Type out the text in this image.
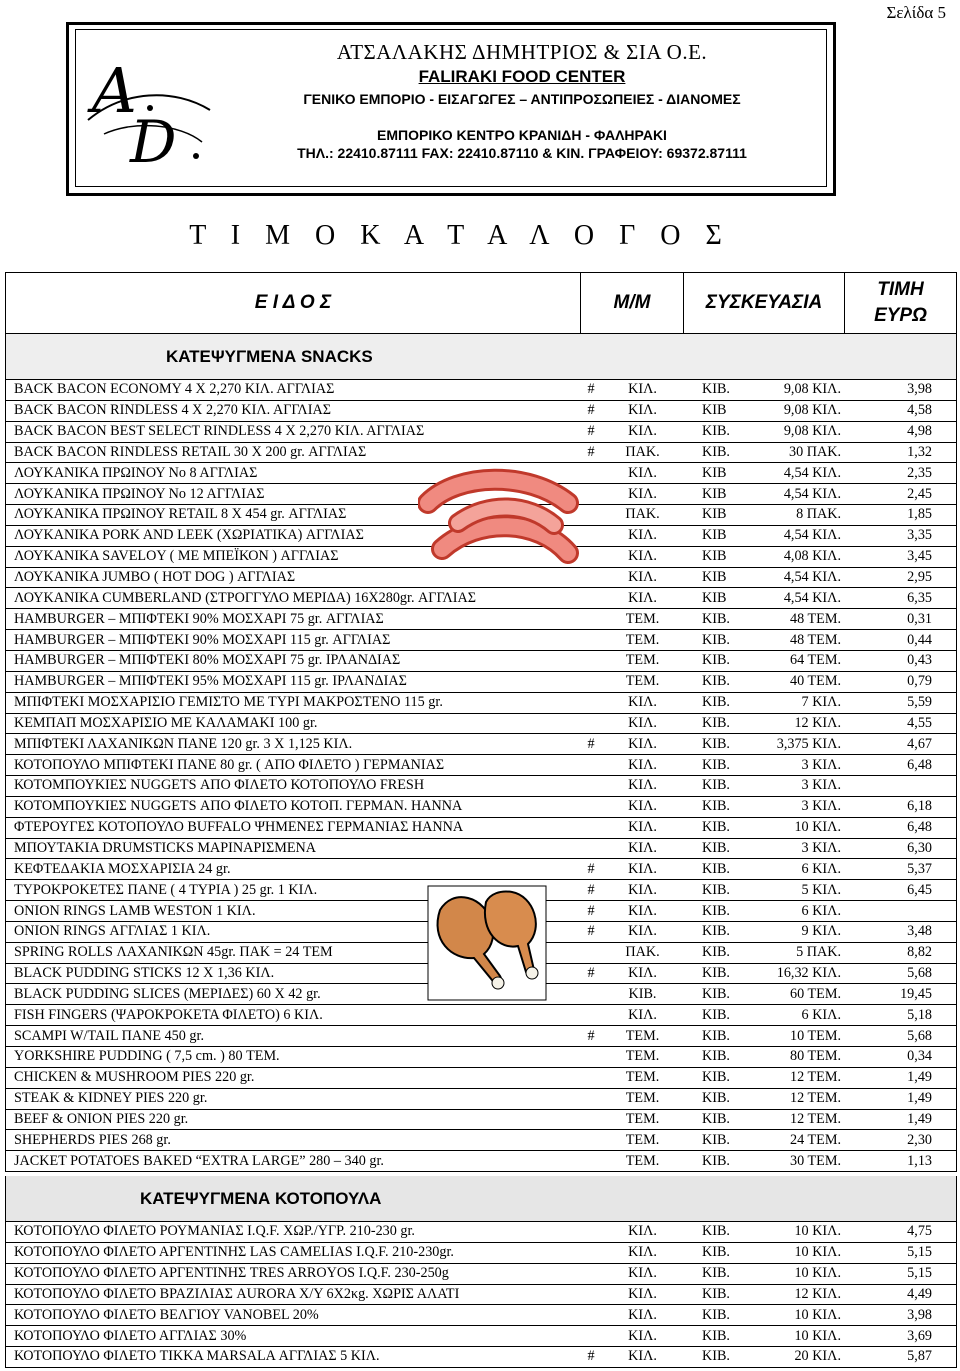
Σελίδα 5
A
D
ΑΤΣΑΛΑΚΗΣ ΔΗΜΗΤΡΙΟΣ & ΣΙΑ Ο.Ε.
FALIRAKI FOOD CENTER
ΓΕΝΙΚΟ ΕΜΠΟΡΙΟ - ΕΙΣΑΓΩΓΕΣ – ΑΝΤΙΠΡΟΣΩΠΕΙΕΣ - ΔΙΑΝΟΜΕΣ
ΕΜΠΟΡΙΚΟ ΚΕΝΤΡΟ ΚΡΑΝΙΔΗ - ΦΑΛΗΡΑΚΙ
ΤΗΛ.: 22410.87111 FAX: 22410.87110 & ΚΙΝ. ΓΡΑΦΕΙΟΥ: 69372.87111
Τ Ι Μ Ο Κ Α Τ Α Λ Ο Γ Ο Σ
Ε Ι Δ Ο Σ	Μ/Μ	ΣΥΣΚΕΥΑΣΙΑ
ΤΙΜΗ
ΕΥΡΩ
ΚΑΤΕΨΥΓΜΕΝΑ SNACKS
BACK BACON ECONOMY 4 X 2,270 ΚΙΛ. ΑΓΓΛΙΑΣ	#	ΚΙΛ.	ΚΙΒ.	9,08 ΚΙΛ.	3,98
BACK BACON RINDLESS 4 X 2,270 ΚΙΛ. ΑΓΓΛΙΑΣ	#	ΚΙΛ.	ΚΙΒ	9,08 ΚΙΛ.	4,58
BACK BACON BEST SELECT RINDLESS 4 X 2,270 ΚΙΛ. ΑΓΓΛΙΑΣ	#	ΚΙΛ.	ΚΙΒ.	9,08 ΚΙΛ.	4,98
BACK BACON RINDLESS RETAIL 30 X 200 gr. ΑΓΓΛΙΑΣ	#	ΠΑΚ.	ΚΙΒ.	30 ΠΑΚ.	1,32
ΛΟΥΚΑΝΙΚΑ ΠΡΩΙΝΟΥ Νο 8 ΑΓΓΛΙΑΣ	ΚΙΛ.	ΚΙΒ	4,54 ΚΙΛ.	2,35
ΛΟΥΚΑΝΙΚΑ ΠΡΩΙΝΟΥ Νο 12 ΑΓΓΛΙΑΣ	ΚΙΛ.	ΚΙΒ	4,54 ΚΙΛ.	2,45
ΛΟΥΚΑΝΙΚΑ ΠΡΩΙΝΟΥ RETAIL 8 X 454 gr. ΑΓΓΛΙΑΣ	ΠΑΚ.	ΚΙΒ	8 ΠΑΚ.	1,85
ΛΟΥΚΑΝΙΚΑ PORK AND LEEK (ΧΩΡΙΑΤΙΚΑ) ΑΓΓΛΙΑΣ	ΚΙΛ.	ΚΙΒ	4,54 ΚΙΛ.	3,35
ΛΟΥΚΑΝΙΚΑ SAVELOY ( ΜΕ ΜΠΕΪΚΟΝ ) ΑΓΓΛΙΑΣ	ΚΙΛ.	ΚΙΒ	4,08 ΚΙΛ.	3,45
ΛΟΥΚΑΝΙΚΑ JUMBO ( HOT DOG ) ΑΓΓΛΙΑΣ	ΚΙΛ.	ΚΙΒ	4,54 ΚΙΛ.	2,95
ΛΟΥΚΑΝΙΚΑ CUMBERLAND (ΣΤΡΟΓΓΥΛΟ ΜΕΡΙΔΑ) 16X280gr. ΑΓΓΛΙΑΣ	ΚΙΛ.	ΚΙΒ	4,54 ΚΙΛ.	6,35
HAMBURGER – ΜΠΙΦΤΕΚΙ 90% ΜΟΣΧΑΡΙ 75 gr. ΑΓΓΛΙΑΣ	ΤΕΜ.	ΚΙΒ.	48 ΤΕΜ.	0,31
HAMBURGER – ΜΠΙΦΤΕΚΙ 90% ΜΟΣΧΑΡΙ 115 gr. ΑΓΓΛΙΑΣ	ΤΕΜ.	ΚΙΒ.	48 ΤΕΜ.	0,44
HAMBURGER – ΜΠΙΦΤΕΚΙ 80% ΜΟΣΧΑΡΙ 75 gr. ΙΡΛΑΝΔΙΑΣ	ΤΕΜ.	ΚΙΒ.	64 ΤΕΜ.	0,43
HAMBURGER – ΜΠΙΦΤΕΚΙ 95% ΜΟΣΧΑΡΙ 115 gr. ΙΡΛΑΝΔΙΑΣ	ΤΕΜ.	ΚΙΒ.	40 ΤΕΜ.	0,79
ΜΠΙΦΤΕΚΙ ΜΟΣΧΑΡΙΣΙΟ ΓΕΜΙΣΤΟ ΜΕ ΤΥΡΙ ΜΑΚΡΟΣΤΕΝΟ 115 gr.	ΚΙΛ.	ΚΙΒ.	7 ΚΙΛ.	5,59
ΚΕΜΠΑΠ ΜΟΣΧΑΡΙΣΙΟ ΜΕ ΚΑΛΑΜΑΚΙ 100 gr.	ΚΙΛ.	ΚΙΒ.	12 ΚΙΛ.	4,55
ΜΠΙΦΤΕΚΙ ΛΑΧΑΝΙΚΩΝ ΠΑΝΕ 120 gr. 3 Χ 1,125 ΚΙΛ.	#	ΚΙΛ.	ΚΙΒ.	3,375 ΚΙΛ.	4,67
ΚΟΤΟΠΟΥΛΟ ΜΠΙΦΤΕΚΙ ΠΑΝΕ 80 gr. ( ΑΠΟ ΦΙΛΕΤΟ ) ΓΕΡΜΑΝΙΑΣ	ΚΙΛ.	ΚΙΒ.	3 ΚΙΛ.	6,48
ΚΟΤΟΜΠΟΥΚΙΕΣ NUGGETS ΑΠΟ ΦΙΛΕΤΟ ΚΟΤΟΠΟΥΛΟ FRESH	ΚΙΛ.	ΚΙΒ.	3 ΚΙΛ.
ΚΟΤΟΜΠΟΥΚΙΕΣ NUGGETS ΑΠΟ ΦΙΛΕΤΟ ΚΟΤΟΠ. ΓΕΡΜΑΝ. HANNA	ΚΙΛ.	ΚΙΒ.	3 ΚΙΛ.	6,18
ΦΤΕΡΟΥΓΕΣ ΚΟΤΟΠΟΥΛΟ BUFFALO ΨΗΜΕΝΕΣ ΓΕΡΜΑΝΙΑΣ HANNA	ΚΙΛ.	ΚΙΒ.	10 ΚΙΛ.	6,48
ΜΠΟΥΤΑΚΙΑ DRUMSTICKS ΜΑΡΙΝΑΡΙΣΜΕΝΑ	ΚΙΛ.	ΚΙΒ.	3 ΚΙΛ.	6,30
ΚΕΦΤΕΔΑΚΙΑ ΜΟΣΧΑΡΙΣΙΑ 24 gr.	#	ΚΙΛ.	ΚΙΒ.	6 ΚΙΛ.	5,37
ΤΥΡΟΚΡΟΚΕΤΕΣ ΠΑΝΕ ( 4 ΤΥΡΙΑ ) 25 gr. 1 ΚΙΛ.	#	ΚΙΛ.	ΚΙΒ.	5 ΚΙΛ.	6,45
ONION RINGS LAMB WESTON 1 ΚΙΛ.	#	ΚΙΛ.	ΚΙΒ.	6 ΚΙΛ.
ONION RINGS ΑΓΓΛΙΑΣ 1 ΚΙΛ.	#	ΚΙΛ.	ΚΙΒ.	9 ΚΙΛ.	3,48
SPRING ROLLS ΛΑΧΑΝΙΚΩΝ 45gr. ΠΑΚ = 24 ΤΕΜ	ΠΑΚ.	ΚΙΒ.	5 ΠΑΚ.	8,82
BLACK PUDDING STICKS 12 X 1,36 ΚΙΛ.	#	ΚΙΛ.	ΚΙΒ.	16,32 ΚΙΛ.	5,68
BLACK PUDDING SLICES (ΜΕΡΙΔΕΣ) 60 X 42 gr.	ΚΙΒ.	ΚΙΒ.	60 ΤΕΜ.	19,45
FISH FINGERS (ΨΑΡΟΚΡΟΚΕΤΑ ΦΙΛΕΤΟ) 6 ΚΙΛ.	ΚΙΛ.	ΚΙΒ.	6 ΚΙΛ.	5,18
SCAMPI W/TAIL ΠΑΝΕ 450 gr.	#	ΤΕΜ.	ΚΙΒ.	10 ΤΕΜ.	5,68
YORKSHIRE PUDDING ( 7,5 cm. ) 80 ΤΕΜ.	ΤΕΜ.	ΚΙΒ.	80 ΤΕΜ.	0,34
CHICKEN & MUSHROOM PIES 220 gr.	ΤΕΜ.	ΚΙΒ.	12 ΤΕΜ.	1,49
STEAK & KIDNEY PIES 220 gr.	ΤΕΜ.	ΚΙΒ.	12 ΤΕΜ.	1,49
BEEF & ONION PIES 220 gr.	ΤΕΜ.	ΚΙΒ.	12 ΤΕΜ.	1,49
SHEPHERDS PIES 268 gr.	ΤΕΜ.	ΚΙΒ.	24 ΤΕΜ.	2,30
JACKET POTATOES BAKED “EXTRA LARGE” 280 – 340 gr.	ΤΕΜ.	ΚΙΒ.	30 ΤΕΜ.	1,13
ΚΑΤΕΨΥΓΜΕΝΑ ΚΟΤΟΠΟΥΛΑ
ΚΟΤΟΠΟΥΛΟ ΦΙΛΕΤΟ ΡΟΥΜΑΝΙΑΣ I.Q.F. ΧΩΡ./ΥΓΡ. 210-230 gr.	ΚΙΛ.	ΚΙΒ.	10 ΚΙΛ.	4,75
ΚΟΤΟΠΟΥΛΟ ΦΙΛΕΤΟ ΑΡΓΕΝΤΙΝΗΣ LAS CAMELIAS I.Q.F. 210-230gr.	ΚΙΛ.	ΚΙΒ.	10 ΚΙΛ.	5,15
ΚΟΤΟΠΟΥΛΟ ΦΙΛΕΤΟ ΑΡΓΕΝΤΙΝΗΣ TRES ARROYOS I.Q.F. 230-250g	ΚΙΛ.	ΚΙΒ.	10 ΚΙΛ.	5,15
ΚΟΤΟΠΟΥΛΟ ΦΙΛΕΤΟ ΒΡΑΖΙΛΙΑΣ AURORA X/Y 6X2κg. ΧΩΡΙΣ ΑΛΑΤΙ	ΚΙΛ.	ΚΙΒ.	12 ΚΙΛ.	4,49
ΚΟΤΟΠΟΥΛΟ ΦΙΛΕΤΟ ΒΕΛΓΙΟΥ VANOBEL 20%	ΚΙΛ.	ΚΙΒ.	10 ΚΙΛ.	3,98
ΚΟΤΟΠΟΥΛΟ ΦΙΛΕΤΟ ΑΓΓΛΙΑΣ 30%	ΚΙΛ.	ΚΙΒ.	10 ΚΙΛ.	3,69
ΚΟΤΟΠΟΥΛΟ ΦΙΛΕΤΟ TIKKA MARSALA ΑΓΓΛΙΑΣ 5 ΚΙΛ.	#	ΚΙΛ.	ΚΙΒ.	20 ΚΙΛ.	5,87
